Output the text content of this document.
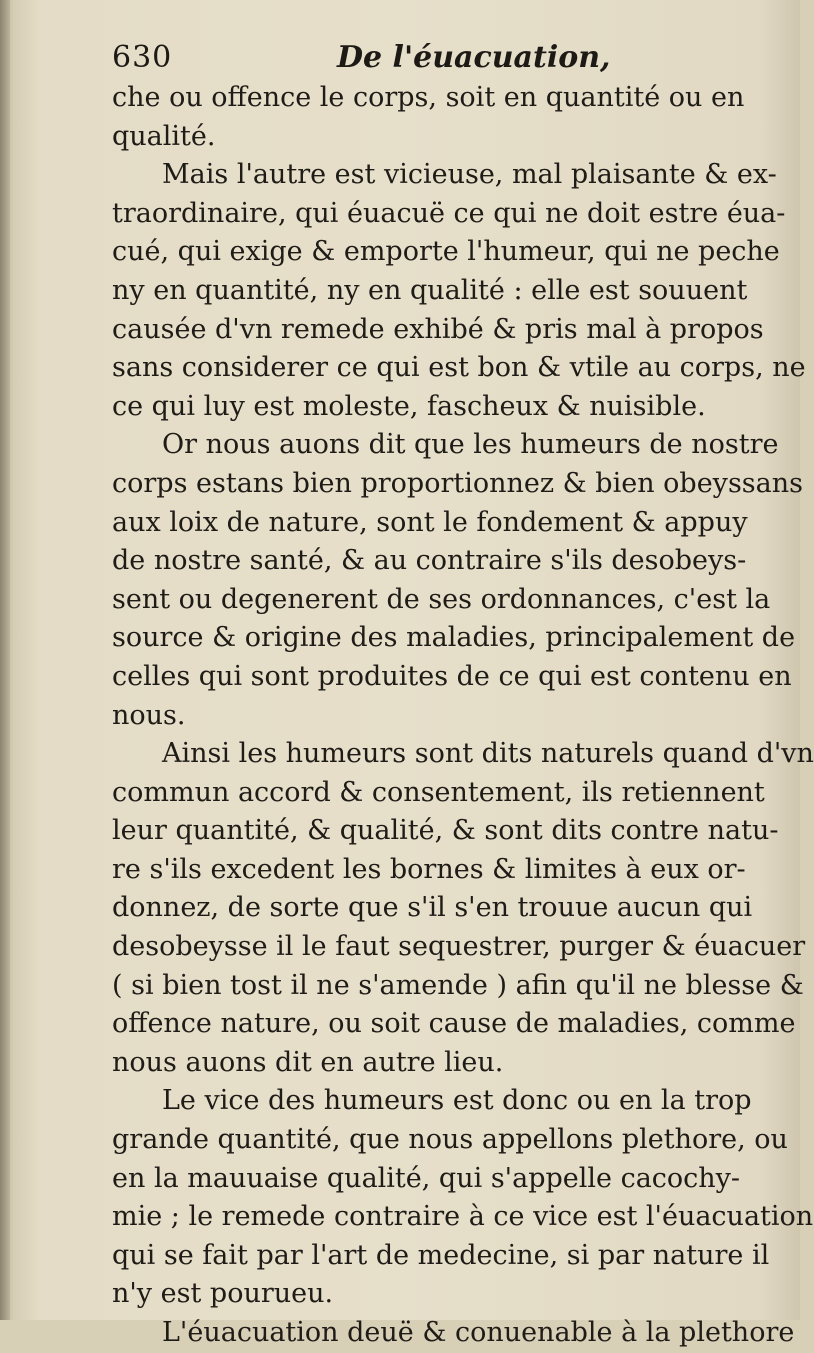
630	De l'éuacuation,
che ou offence le corps, soit en quantité ou en
qualité.
Mais l'autre est vicieuse, mal plaisante & ex-
traordinaire, qui éuacuë ce qui ne doit estre éua-
cué, qui exige & emporte l'humeur, qui ne peche
ny en quantité, ny en qualité : elle est souuent
causée d'vn remede exhibé & pris mal à propos
sans considerer ce qui est bon & vtile au corps, ne
ce qui luy est moleste, fascheux & nuisible.
Or nous auons dit que les humeurs de nostre
corps estans bien proportionnez & bien obeyssans
aux loix de nature, sont le fondement & appuy
de nostre santé, & au contraire s'ils desobeys-
sent ou degenerent de ses ordonnances, c'est la
source & origine des maladies, principalement de
celles qui sont produites de ce qui est contenu en
nous.
Ainsi les humeurs sont dits naturels quand d'vn
commun accord & consentement, ils retiennent
leur quantité, & qualité, & sont dits contre natu-
re s'ils excedent les bornes & limites à eux or-
donnez, de sorte que s'il s'en trouue aucun qui
desobeysse il le faut sequestrer, purger & éuacuer
( si bien tost il ne s'amende ) afin qu'il ne blesse &
offence nature, ou soit cause de maladies, comme
nous auons dit en autre lieu.
Le vice des humeurs est donc ou en la trop
grande quantité, que nous appellons plethore, ou
en la mauuaise qualité, qui s'appelle cacochy-
mie ; le remede contraire à ce vice est l'éuacuation
qui se fait par l'art de medecine, si par nature il
n'y est pourueu.
L'éuacuation deuë & conuenable à la plethore
